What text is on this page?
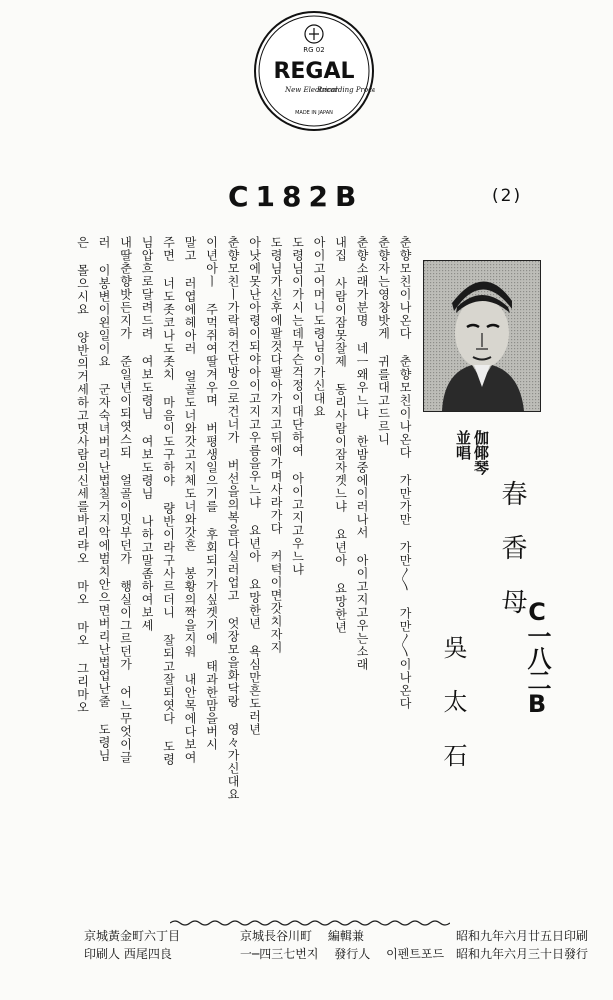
REGAL
RG 02
New Electrical
Recording Proc
MADE IN JAPAN
C182B	(2)
伽倻琴
並唱
春香母
C一八二B
吳太石
춘향모친이나온다 춘향모친이나온다 가만가만 가만〳〵 가만〳〵이나온다
춘향자는영창밧게 귀를대고드르니
춘향소래가분명 네ㅡ왜우느냐 한밤중에이러나서 아이고지고우는소래
내집 사람이잠못잘제 동리사람이잠자겟느냐 요년아 요망한년
아이고어머니도령님이가신대요
도령님이가시는데무슨걱정이대단하여 아이고지고우느냐
도령님가신후에팔것다팔아가지고뒤에가며사라가다 커턱이면갓치자지
아낫에못난아령이되야아이고지고우름을우느냐 요년아 요망한년 욕심만흔도러년
춘향모친ㅣ가락허건단방으로건너가 버선을의복을다실러업고 엇장모을화닥랑 영々가신대요
이년아ㅣ 주먹쥐여딸겨우며 버평생일으기를 후회되기가싶겟기에 태과한맘을버시
말고 러엽에헤아러 얼골도너와갓고지체도너와갓흔 봉황의짝을지워 내안목에다보여
주면 너도좃코나도좃치 마음이도구하야 량반이라구사르더니 잘되고잘되엿다 도령
님압흐로달려드려 여보도령님 여보도령님 나하고말좀하여보셰
내딸춘향밧든지가 준일년이되엿스되 얼골이밋부던가 행실이그르던가 어느무엇이글
러 이봉변이왼일이요 군자숙녀버리난법칠거지악에범치안으면버리난법업난줄 도령님
은 몰으시요 양반의거세하고몃사람의신세를바리랴오 마오 마오 그리마오
昭和九年六月廿五日印刷
昭和九年六月三十日發行
京城長谷川町 編輯兼
一─四三七번지 發行人 이펜트포드
京城黃金町六丁目
印刷人 西尾四良
